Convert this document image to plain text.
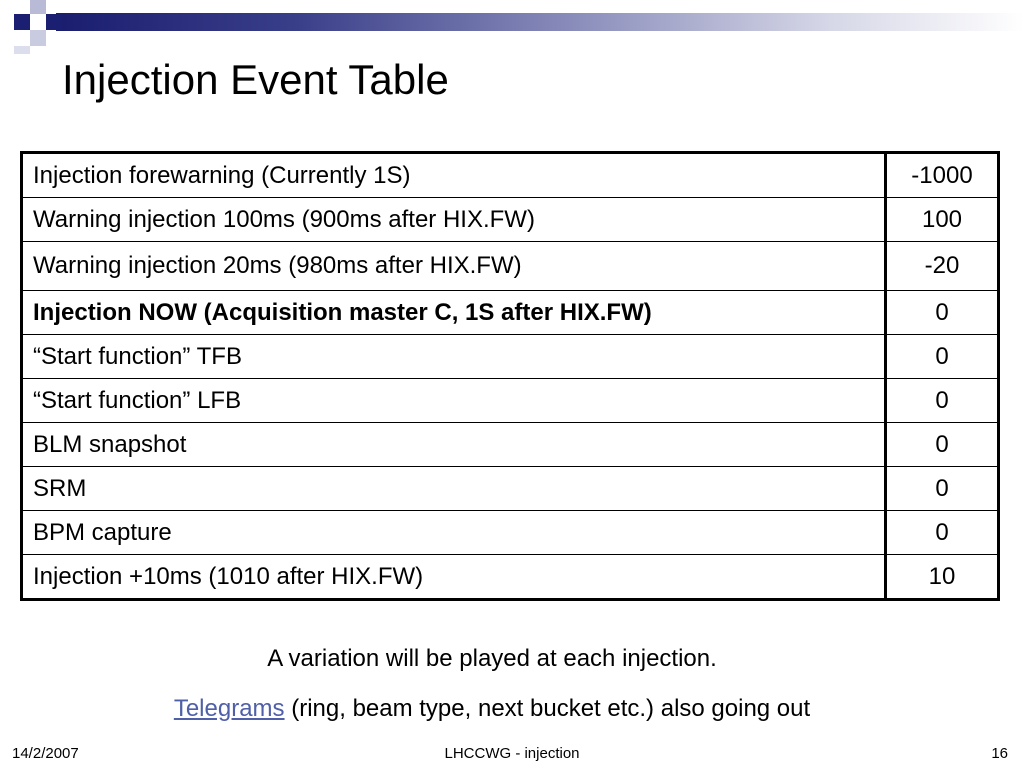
Injection Event Table
Injection forewarning (Currently 1S)	-1000
Warning injection 100ms (900ms after HIX.FW)	100
Warning injection 20ms (980ms after HIX.FW)	-20
Injection NOW (Acquisition master C, 1S after HIX.FW)	0
“Start function” TFB	0
“Start function” LFB	0
BLM snapshot	0
SRM	0
BPM capture	0
Injection +10ms (1010 after HIX.FW)	10
A variation will be played at each injection.
Telegrams (ring, beam type, next bucket etc.) also going out
14/2/2007	LHCCWG - injection	16
